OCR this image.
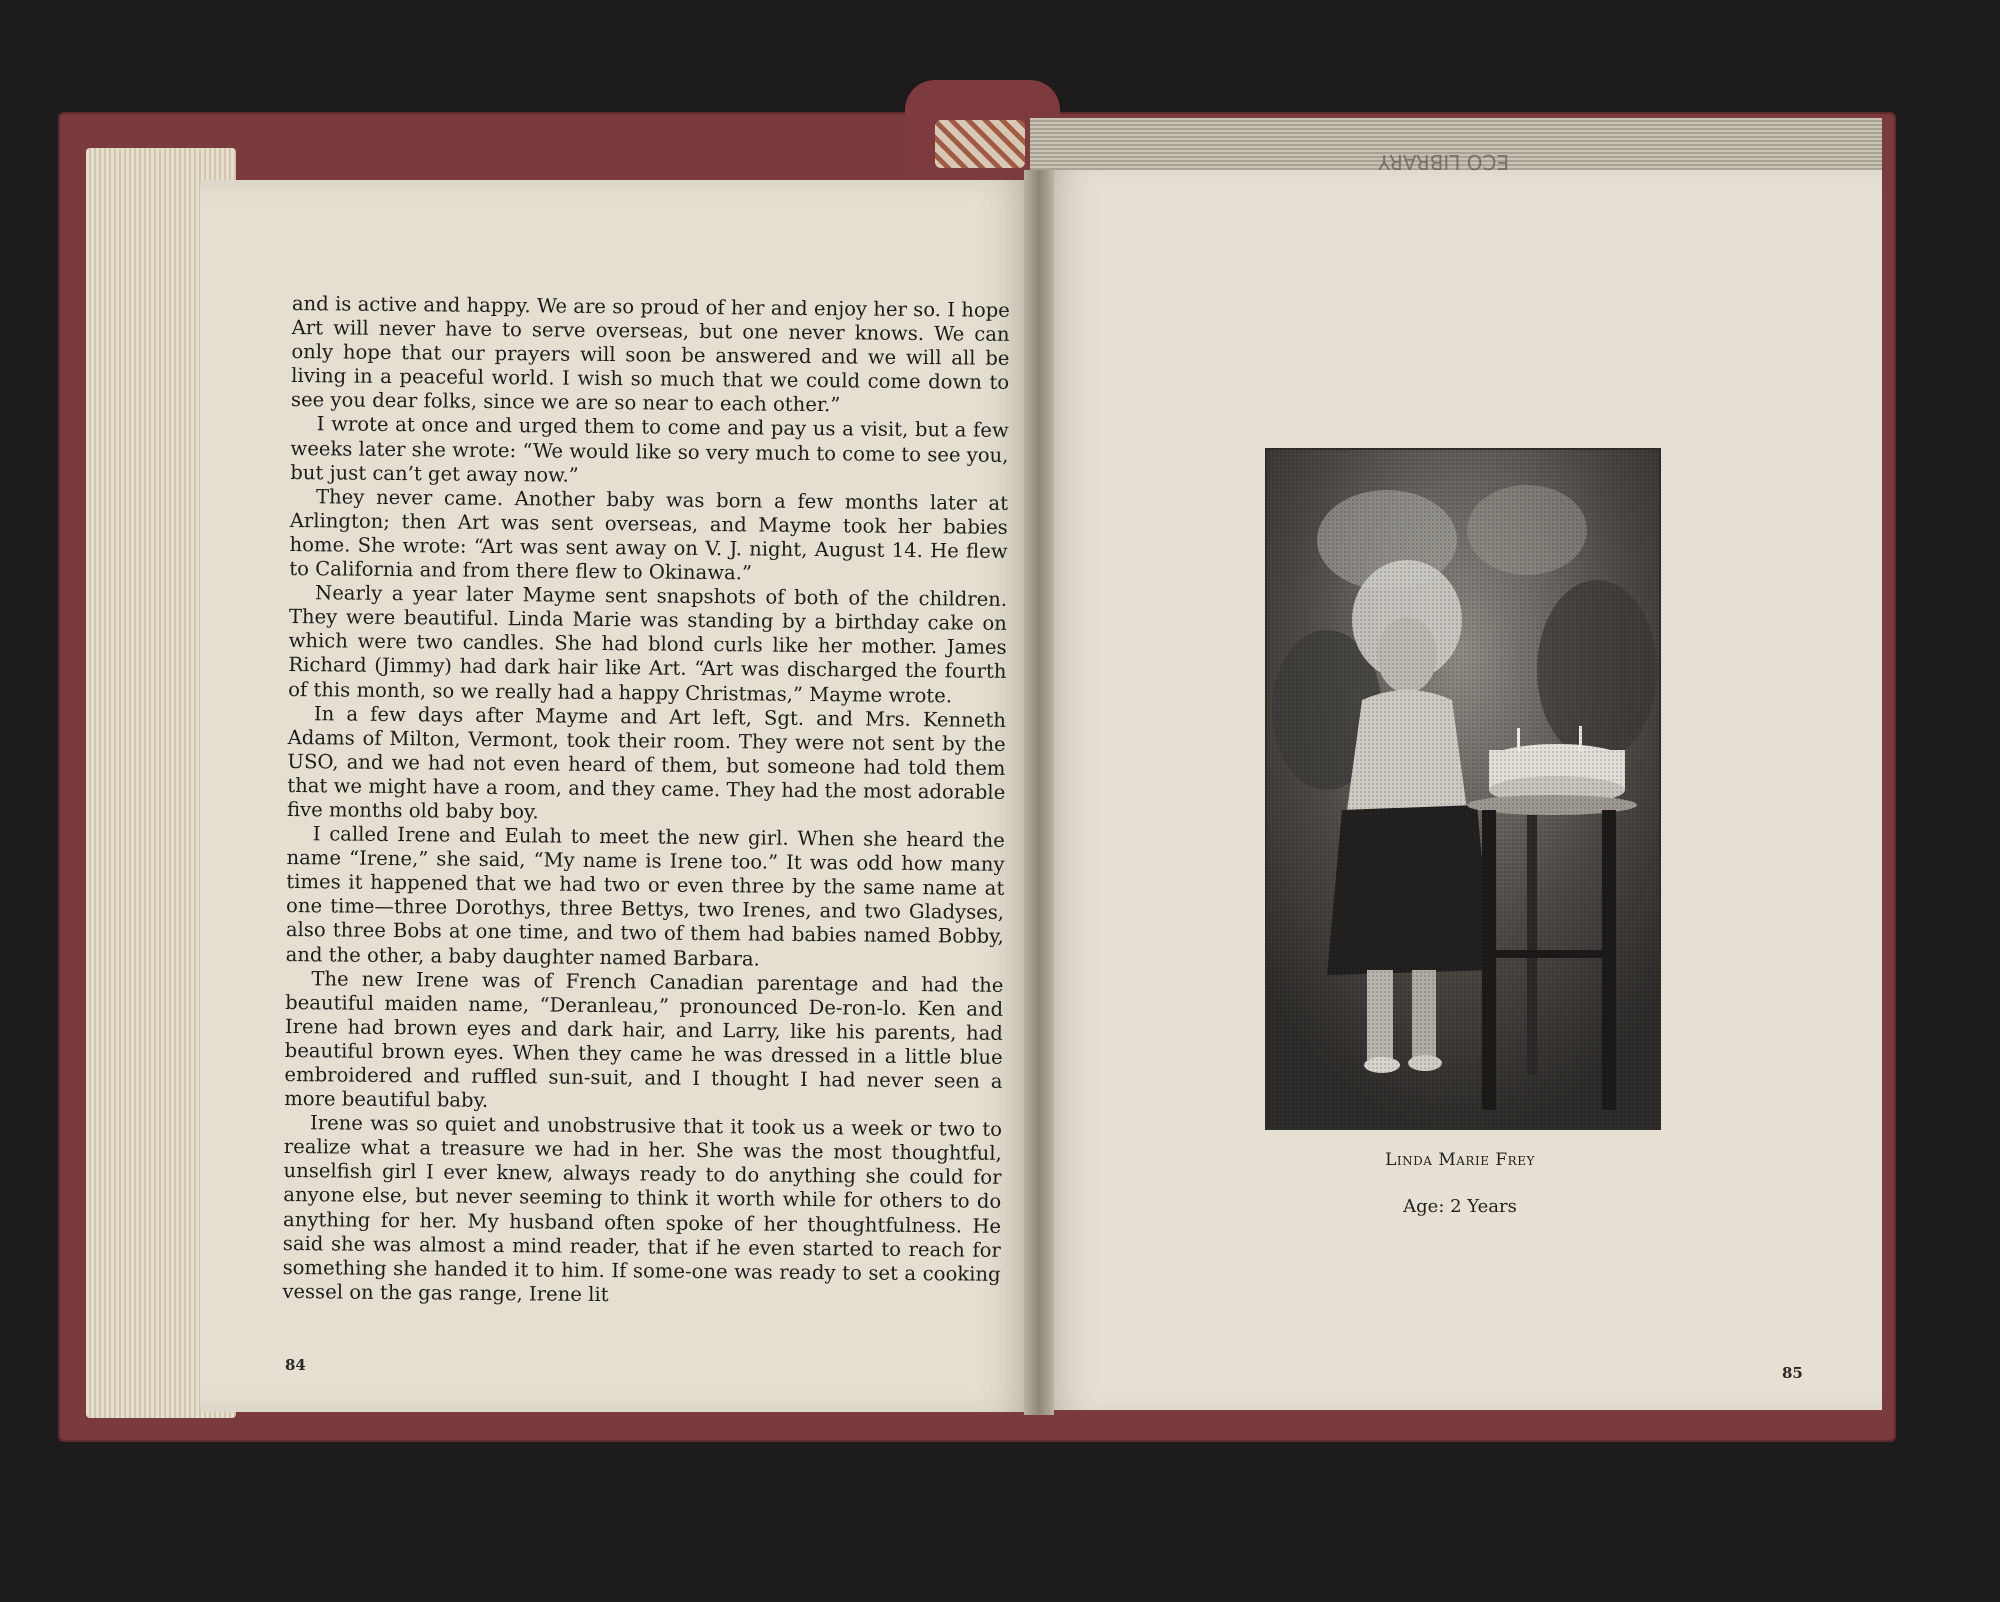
ECO LIBRARY

and is active and happy. We are so proud of her and enjoy her so. I hope Art will never have to serve overseas, but one never knows. We can only hope that our prayers will soon be answered and we will all be living in a peaceful world. I wish so much that we could come down to see you dear folks, since we are so near to each other.”

I wrote at once and urged them to come and pay us a visit, but a few weeks later she wrote: “We would like so very much to come to see you, but just can’t get away now.”

They never came. Another baby was born a few months later at Arlington; then Art was sent overseas, and Mayme took her babies home. She wrote: “Art was sent away on V. J. night, August 14. He flew to California and from there flew to Okinawa.”

Nearly a year later Mayme sent snapshots of both of the children. They were beautiful. Linda Marie was standing by a birthday cake on which were two candles. She had blond curls like her mother. James Richard (Jimmy) had dark hair like Art. “Art was discharged the fourth of this month, so we really had a happy Christmas,” Mayme wrote.

In a few days after Mayme and Art left, Sgt. and Mrs. Kenneth Adams of Milton, Vermont, took their room. They were not sent by the USO, and we had not even heard of them, but someone had told them that we might have a room, and they came. They had the most adorable five months old baby boy.

I called Irene and Eulah to meet the new girl. When she heard the name “Irene,” she said, “My name is Irene too.” It was odd how many times it happened that we had two or even three by the same name at one time—three Dorothys, three Bettys, two Irenes, and two Gladyses, also three Bobs at one time, and two of them had babies named Bobby, and the other, a baby daughter named Barbara.

The new Irene was of French Canadian parentage and had the beautiful maiden name, “Deranleau,” pronounced De-ron-lo. Ken and Irene had brown eyes and dark hair, and Larry, like his parents, had beautiful brown eyes. When they came he was dressed in a little blue embroidered and ruffled sun-suit, and I thought I had never seen a more beautiful baby.

Irene was so quiet and unobstrusive that it took us a week or two to realize what a treasure we had in her. She was the most thoughtful, unselfish girl I ever knew, always ready to do anything she could for anyone else, but never seeming to think it worth while for others to do anything for her. My husband often spoke of her thoughtfulness. He said she was almost a mind reader, that if he even started to reach for something she handed it to him. If some-one was ready to set a cooking vessel on the gas range, Irene lit

84
Linda Marie Frey
Age: 2 Years
85
